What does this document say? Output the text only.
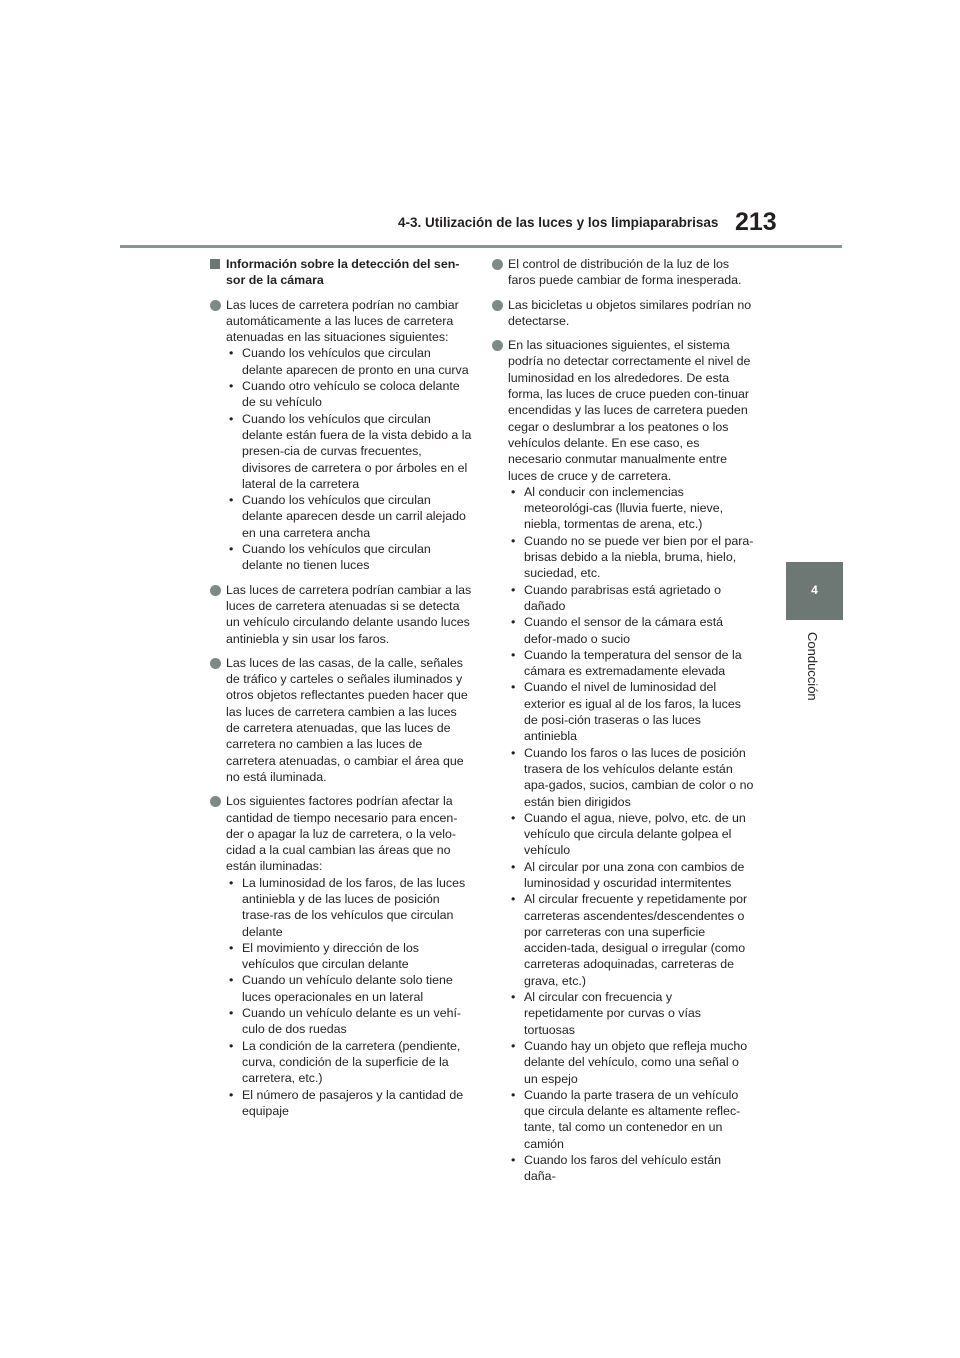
4-3. Utilización de las luces y los limpiaparabrisas 213
4
Conducción
Información sobre la detección del sen-sor de la cámara
Las luces de carretera podrían no cambiar automáticamente a las luces de carretera atenuadas en las situaciones siguientes:
• Cuando los vehículos que circulan delante aparecen de pronto en una curva
• Cuando otro vehículo se coloca delante de su vehículo
• Cuando los vehículos que circulan delante están fuera de la vista debido a la presen-cia de curvas frecuentes, divisores de carretera o por árboles en el lateral de la carretera
• Cuando los vehículos que circulan delante aparecen desde un carril alejado en una carretera ancha
• Cuando los vehículos que circulan delante no tienen luces
Las luces de carretera podrían cambiar a las luces de carretera atenuadas si se detecta un vehículo circulando delante usando luces antiniebla y sin usar los faros.
Las luces de las casas, de la calle, señales de tráfico y carteles o señales iluminados y otros objetos reflectantes pueden hacer que las luces de carretera cambien a las luces de carretera atenuadas, que las luces de carretera no cambien a las luces de carretera atenuadas, o cambiar el área que no está iluminada.
Los siguientes factores podrían afectar la cantidad de tiempo necesario para encen-der o apagar la luz de carretera, o la velo-cidad a la cual cambian las áreas que no están iluminadas:
• La luminosidad de los faros, de las luces antiniebla y de las luces de posición trase-ras de los vehículos que circulan delante
• El movimiento y dirección de los vehículos que circulan delante
• Cuando un vehículo delante solo tiene luces operacionales en un lateral
• Cuando un vehículo delante es un vehí-culo de dos ruedas
• La condición de la carretera (pendiente, curva, condición de la superficie de la carretera, etc.)
• El número de pasajeros y la cantidad de equipaje
El control de distribución de la luz de los faros puede cambiar de forma inesperada.
Las bicicletas u objetos similares podrían no detectarse.
En las situaciones siguientes, el sistema podría no detectar correctamente el nivel de luminosidad en los alrededores. De esta forma, las luces de cruce pueden con-tinuar encendidas y las luces de carretera pueden cegar o deslumbrar a los peatones o los vehículos delante. En ese caso, es necesario conmutar manualmente entre luces de cruce y de carretera.
• Al conducir con inclemencias meteorológi-cas (lluvia fuerte, nieve, niebla, tormentas de arena, etc.)
• Cuando no se puede ver bien por el para-brisas debido a la niebla, bruma, hielo, suciedad, etc.
• Cuando parabrisas está agrietado o dañado
• Cuando el sensor de la cámara está defor-mado o sucio
• Cuando la temperatura del sensor de la cámara es extremadamente elevada
• Cuando el nivel de luminosidad del exterior es igual al de los faros, la luces de posi-ción traseras o las luces antiniebla
• Cuando los faros o las luces de posición trasera de los vehículos delante están apa-gados, sucios, cambian de color o no están bien dirigidos
• Cuando el agua, nieve, polvo, etc. de un vehículo que circula delante golpea el vehículo
• Al circular por una zona con cambios de luminosidad y oscuridad intermitentes
• Al circular frecuente y repetidamente por carreteras ascendentes/descendentes o por carreteras con una superficie acciden-tada, desigual o irregular (como carreteras adoquinadas, carreteras de grava, etc.)
• Al circular con frecuencia y repetidamente por curvas o vías tortuosas
• Cuando hay un objeto que refleja mucho delante del vehículo, como una señal o un espejo
• Cuando la parte trasera de un vehículo que circula delante es altamente reflec-tante, tal como un contenedor en un camión
• Cuando los faros del vehículo están daña-
